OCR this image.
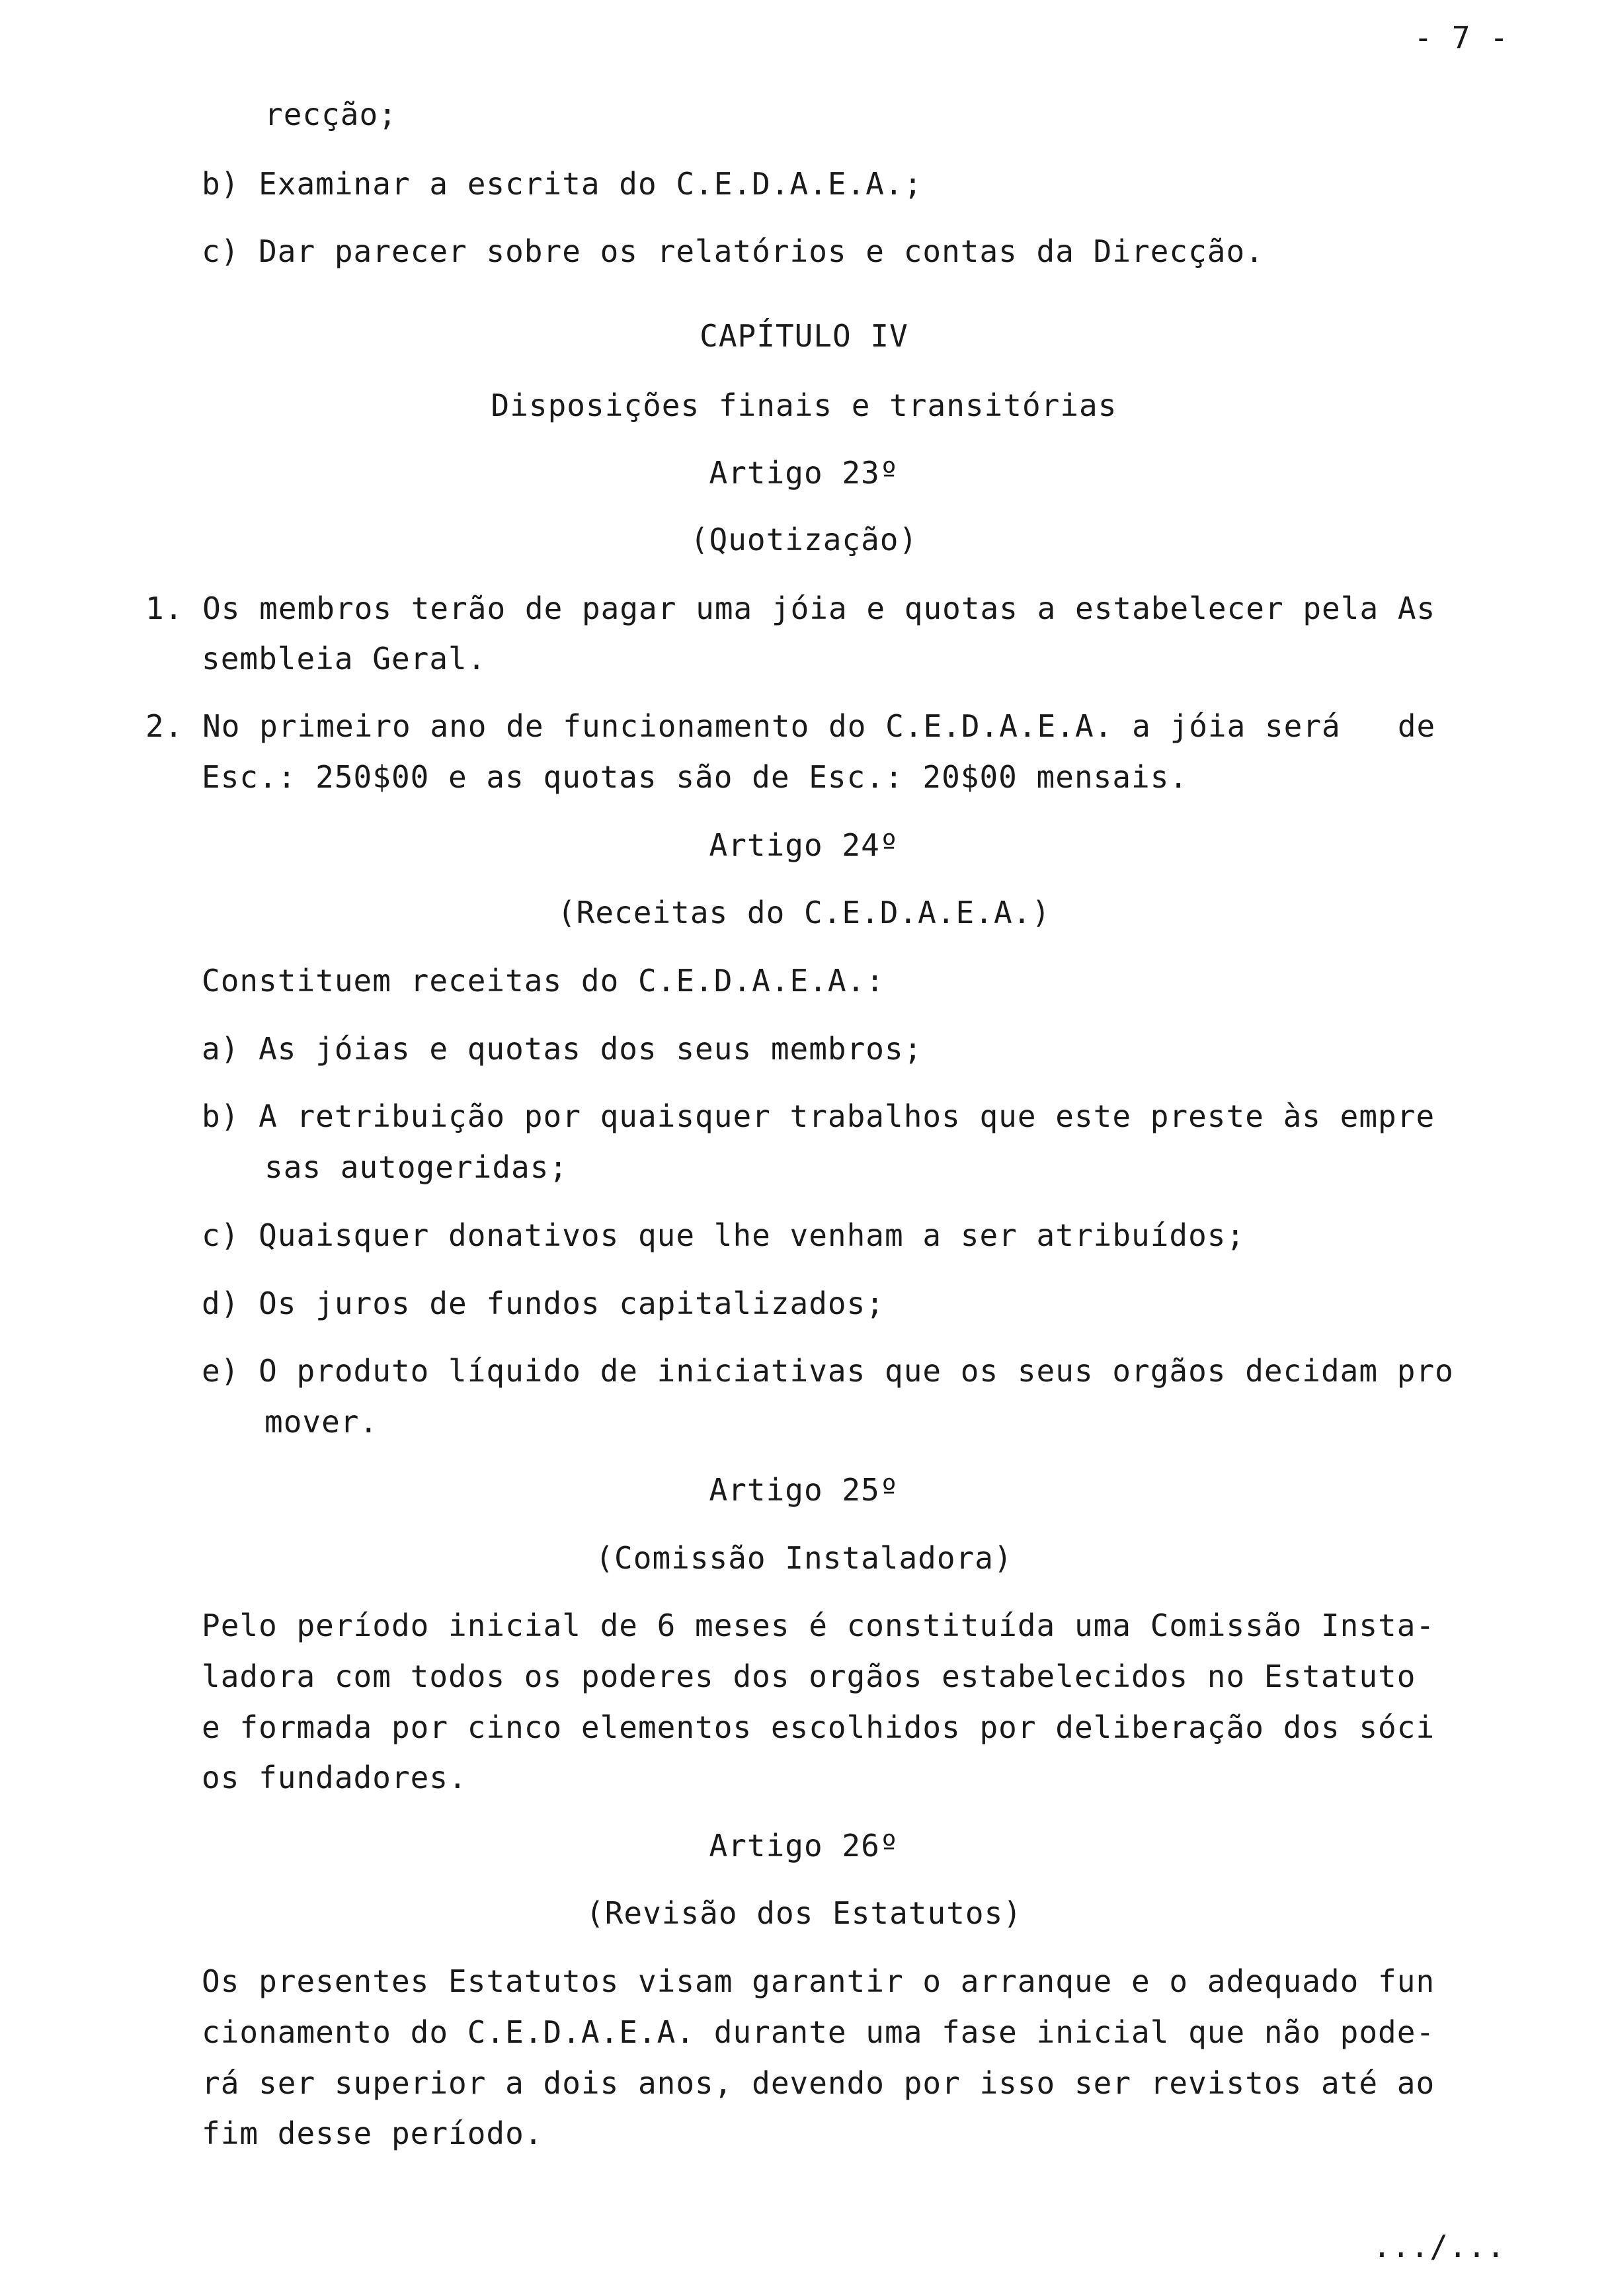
- 7 -
recção;
b) Examinar a escrita do C.E.D.A.E.A.;
c) Dar parecer sobre os relatórios e contas da Direcção.
CAPÍTULO IV
Disposições finais e transitórias
Artigo 23º
(Quotização)
1. Os membros terão de pagar uma jóia e quotas a estabelecer pela As
sembleia Geral.
2. No primeiro ano de funcionamento do C.E.D.A.E.A. a jóia será   de
Esc.: 250$00 e as quotas são de Esc.: 20$00 mensais.
Artigo 24º
(Receitas do C.E.D.A.E.A.)
Constituem receitas do C.E.D.A.E.A.:
a) As jóias e quotas dos seus membros;
b) A retribuição por quaisquer trabalhos que este preste às empre
sas autogeridas;
c) Quaisquer donativos que lhe venham a ser atribuídos;
d) Os juros de fundos capitalizados;
e) O produto líquido de iniciativas que os seus orgãos decidam pro
mover.
Artigo 25º
(Comissão Instaladora)
Pelo período inicial de 6 meses é constituída uma Comissão Insta-
ladora com todos os poderes dos orgãos estabelecidos no Estatuto
e formada por cinco elementos escolhidos por deliberação dos sóci
os fundadores.
Artigo 26º
(Revisão dos Estatutos)
Os presentes Estatutos visam garantir o arranque e o adequado fun
cionamento do C.E.D.A.E.A. durante uma fase inicial que não pode-
rá ser superior a dois anos, devendo por isso ser revistos até ao
fim desse período.
.../...
